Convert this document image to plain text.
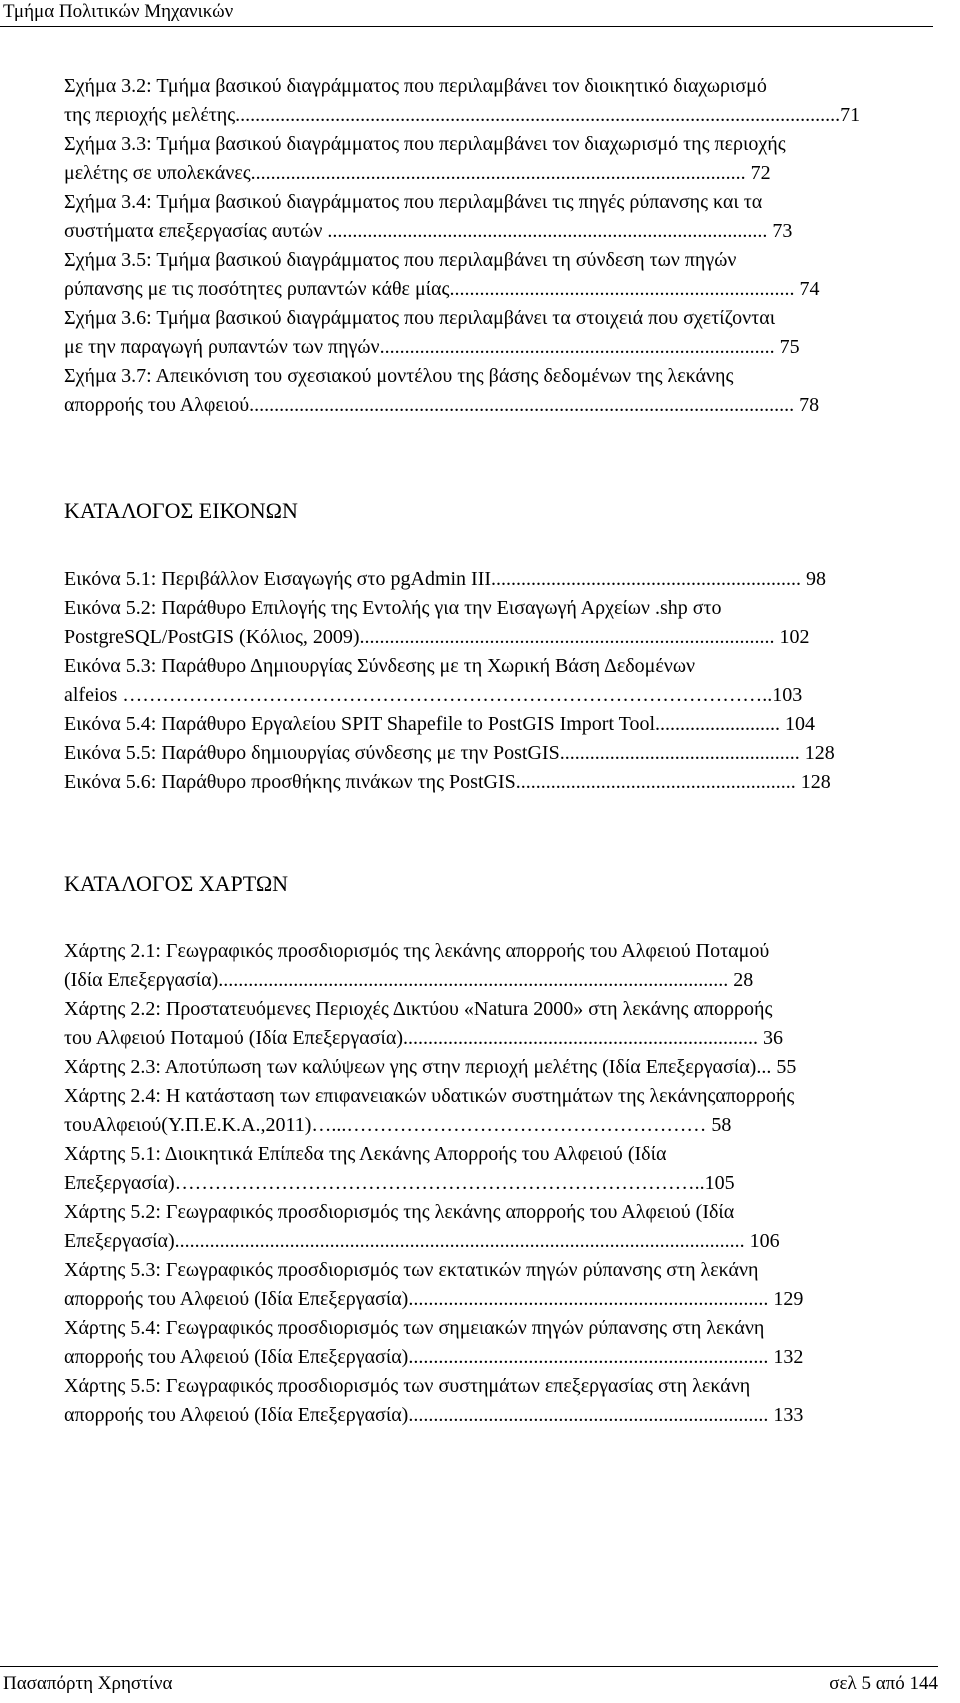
Τμήμα Πολιτικών Μηχανικών
Σχήμα 3.2: Τμήμα βασικού διαγράμματος που περιλαμβάνει τον διοικητικό διαχωρισμό
της περιοχής μελέτης.........................................................................................................................71
Σχήμα 3.3: Τμήμα βασικού διαγράμματος που περιλαμβάνει τον διαχωρισμό της περιοχής
μελέτης σε υπολεκάνες................................................................................................... 72
Σχήμα 3.4: Τμήμα βασικού διαγράμματος που περιλαμβάνει τις πηγές ρύπανσης και τα
συστήματα επεξεργασίας αυτών ........................................................................................ 73
Σχήμα 3.5: Τμήμα βασικού διαγράμματος που περιλαμβάνει τη σύνδεση των πηγών
ρύπανσης με τις ποσότητες ρυπαντών κάθε μίας..................................................................... 74
Σχήμα 3.6: Τμήμα βασικού διαγράμματος που περιλαμβάνει τα στοιχειά που σχετίζονται
με την παραγωγή ρυπαντών των πηγών............................................................................... 75
Σχήμα 3.7: Απεικόνιση του σχεσιακού μοντέλου της βάσης δεδομένων της λεκάνης
απορροής του Αλφειού............................................................................................................. 78
ΚΑΤΑΛΟΓΟΣ ΕΙΚΟΝΩΝ
Εικόνα 5.1: Περιβάλλον Εισαγωγής στο pgAdmin III.............................................................. 98
Εικόνα 5.2: Παράθυρο Επιλογής της Εντολής για την Εισαγωγή Αρχείων .shp στο
PostgreSQL/PostGIS (Κόλιος, 2009)................................................................................... 102
Εικόνα 5.3: Παράθυρο Δημιουργίας Σύνδεσης με τη Χωρική Βάση Δεδομένων
alfeios ……………………………………………………………………………………..103
Εικόνα 5.4: Παράθυρο Εργαλείου SPIT Shapefile to PostGIS Import Tool......................... 104
Εικόνα 5.5: Παράθυρο δημιουργίας σύνδεσης με την PostGIS................................................ 128
Εικόνα 5.6: Παράθυρο προσθήκης πινάκων της PostGIS........................................................ 128
ΚΑΤΑΛΟΓΟΣ ΧΑΡΤΩΝ
Χάρτης 2.1: Γεωγραφικός προσδιορισμός της λεκάνης απορροής του Αλφειού Ποταμού
(Ιδία Επεξεργασία)...................................................................................................... 28
Χάρτης 2.2: Προστατευόμενες Περιοχές Δικτύου «Natura 2000» στη λεκάνης απορροής
του Αλφειού Ποταμού (Ιδία Επεξεργασία)....................................................................... 36
Χάρτης 2.3: Αποτύπωση των καλύψεων γης στην περιοχή μελέτης (Ιδία Επεξεργασία)... 55
Χάρτης 2.4: Η κατάσταση των επιφανειακών υδατικών συστημάτων της λεκάνηςαπορροής
τουΑλφειού(Υ.Π.Ε.Κ.Α.,2011)…...……………………………………………… 58
Χάρτης 5.1: Διοικητικά Επίπεδα της Λεκάνης Απορροής του Αλφειού (Ιδία
Επεξεργασία)……………………………………………………………………..105
Χάρτης 5.2: Γεωγραφικός προσδιορισμός της λεκάνης απορροής του Αλφειού (Ιδία
Επεξεργασία).................................................................................................................. 106
Χάρτης 5.3: Γεωγραφικός προσδιορισμός των εκτατικών πηγών ρύπανσης στη λεκάνη
απορροής του Αλφειού (Ιδία Επεξεργασία)........................................................................ 129
Χάρτης 5.4: Γεωγραφικός προσδιορισμός των σημειακών πηγών ρύπανσης στη λεκάνη
απορροής του Αλφειού (Ιδία Επεξεργασία)........................................................................ 132
Χάρτης 5.5: Γεωγραφικός προσδιορισμός των συστημάτων επεξεργασίας στη λεκάνη
απορροής του Αλφειού (Ιδία Επεξεργασία)........................................................................ 133
Πασαπόρτη Χρηστίνα	σελ 5 από 144
